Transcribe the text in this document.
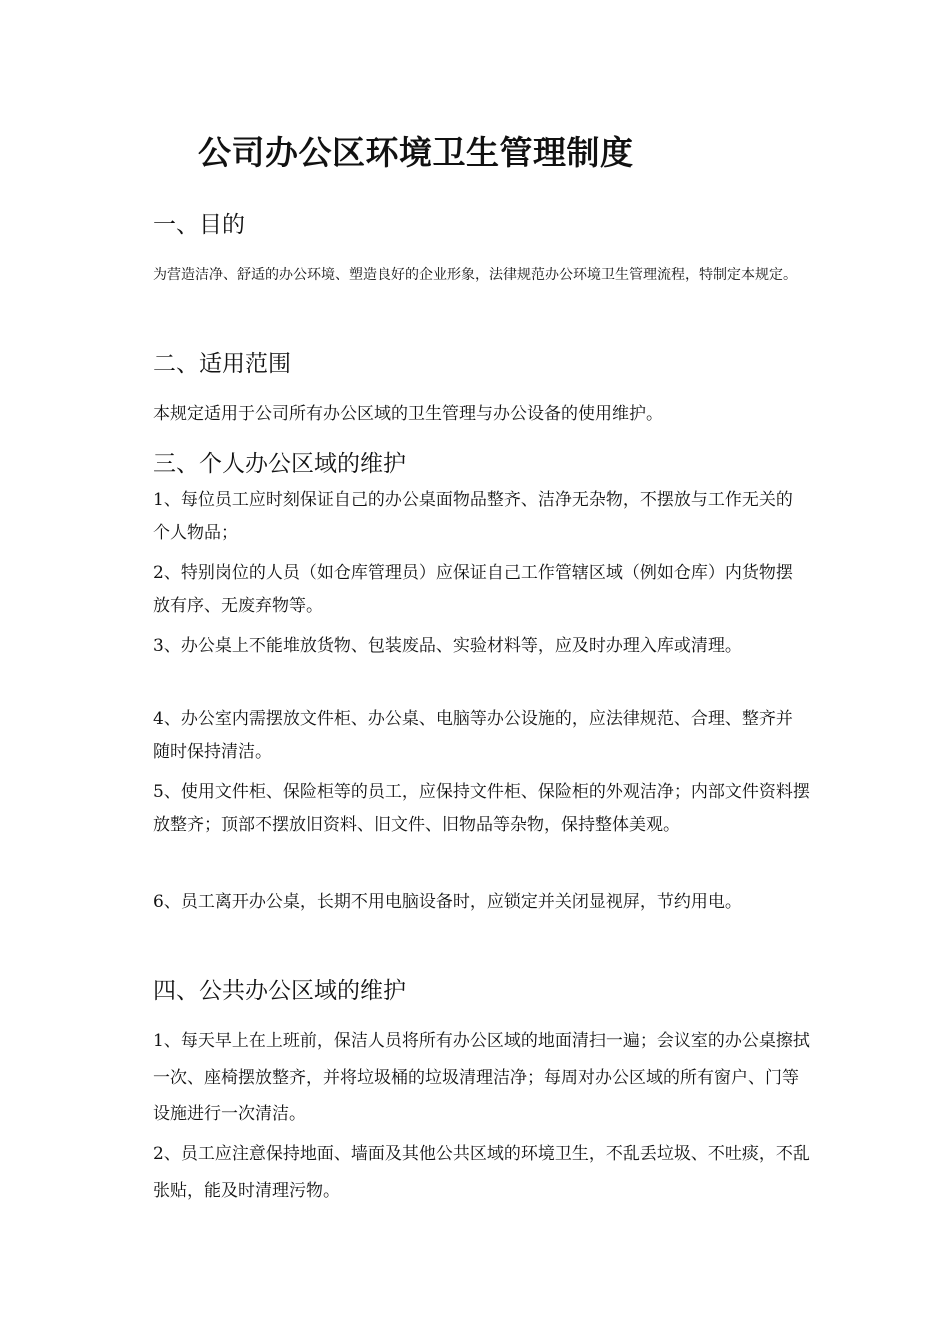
公司办公区环境卫生管理制度
一、目的

为营造洁净、舒适的办公环境、塑造良好的企业形象，法律规范办公环境卫生管理流程，特制定本规定。

二、适用范围

本规定适用于公司所有办公区域的卫生管理与办公设备的使用维护。

三、个人办公区域的维护

1、每位员工应时刻保证自己的办公桌面物品整齐、洁净无杂物，不摆放与工作无关的个人物品；

2、特别岗位的人员（如仓库管理员）应保证自己工作管辖区域（例如仓库）内货物摆放有序、无废弃物等。

3、办公桌上不能堆放货物、包装废品、实验材料等，应及时办理入库或清理。

4、办公室内需摆放文件柜、办公桌、电脑等办公设施的，应法律规范、合理、整齐并随时保持清洁。

5、使用文件柜、保险柜等的员工，应保持文件柜、保险柜的外观洁净；内部文件资料摆放整齐；顶部不摆放旧资料、旧文件、旧物品等杂物，保持整体美观。

6、员工离开办公桌，长期不用电脑设备时，应锁定并关闭显视屏，节约用电。

四、公共办公区域的维护

1、每天早上在上班前，保洁人员将所有办公区域的地面清扫一遍；会议室的办公桌擦拭一次、座椅摆放整齐，并将垃圾桶的垃圾清理洁净；每周对办公区域的所有窗户、门等设施进行一次清洁。

2、员工应注意保持地面、墙面及其他公共区域的环境卫生，不乱丢垃圾、不吐痰，不乱张贴，能及时清理污物。
